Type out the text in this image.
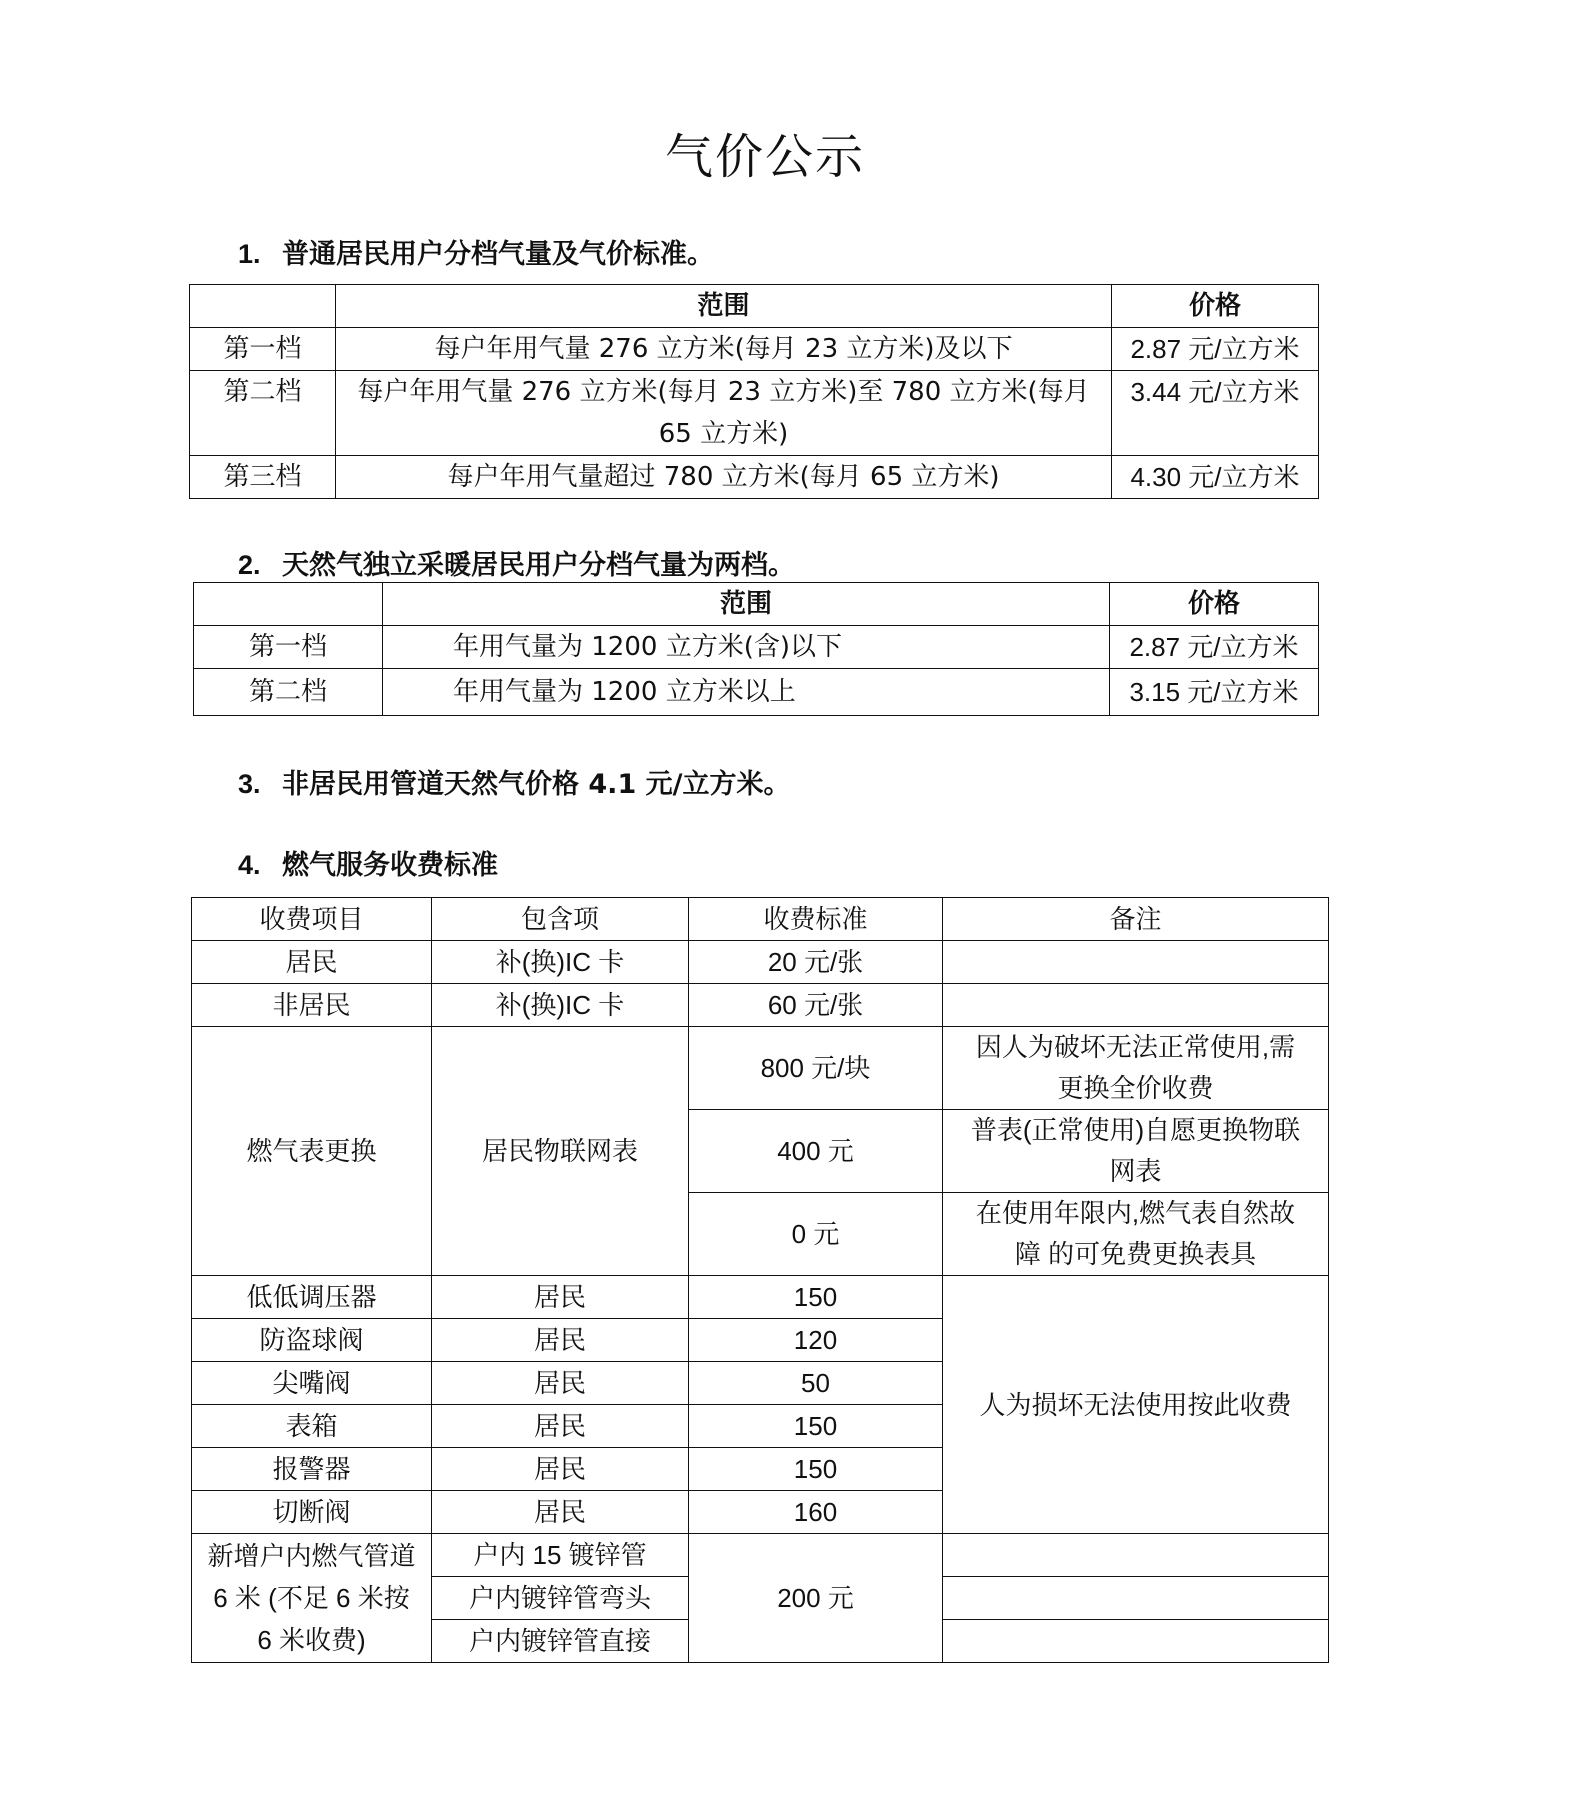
气价公示
1. 普通居民用户分档气量及气价标准。
	范围	价格
第一档	每户年用气量 276 立方米(每月 23 立方米)及以下	2.87 元/立方米
第二档	每户年用气量 276 立方米(每月 23 立方米)至 780 立方米(每月 65 立方米)	3.44 元/立方米
第三档	每户年用气量超过 780 立方米(每月 65 立方米)	4.30 元/立方米
2. 天然气独立采暖居民用户分档气量为两档。
	范围	价格
第一档	年用气量为 1200 立方米(含)以下	2.87 元/立方米
第二档	年用气量为 1200 立方米以上	3.15 元/立方米
3. 非居民用管道天然气价格 4.1 元/立方米。
4. 燃气服务收费标准
收费项目	包含项	收费标准	备注
居民	补(换)IC 卡	20 元/张	
非居民	补(换)IC 卡	60 元/张	
燃气表更换	居民物联网表	800 元/块	因人为破坏无法正常使用,需更换全价收费
		400 元	普表(正常使用)自愿更换物联 网表
		0 元	在使用年限内,燃气表自然故障 的可免费更换表具
低低调压器	居民	150	人为损坏无法使用按此收费
防盗球阀	居民	120	
尖嘴阀	居民	50	
表箱	居民	150	
报警器	居民	150	
切断阀	居民	160	
新增户内燃气管道 6 米 (不足 6 米按 6 米收费)	户内 15 镀锌管	200 元	
	户内镀锌管弯头		
	户内镀锌管直接		
